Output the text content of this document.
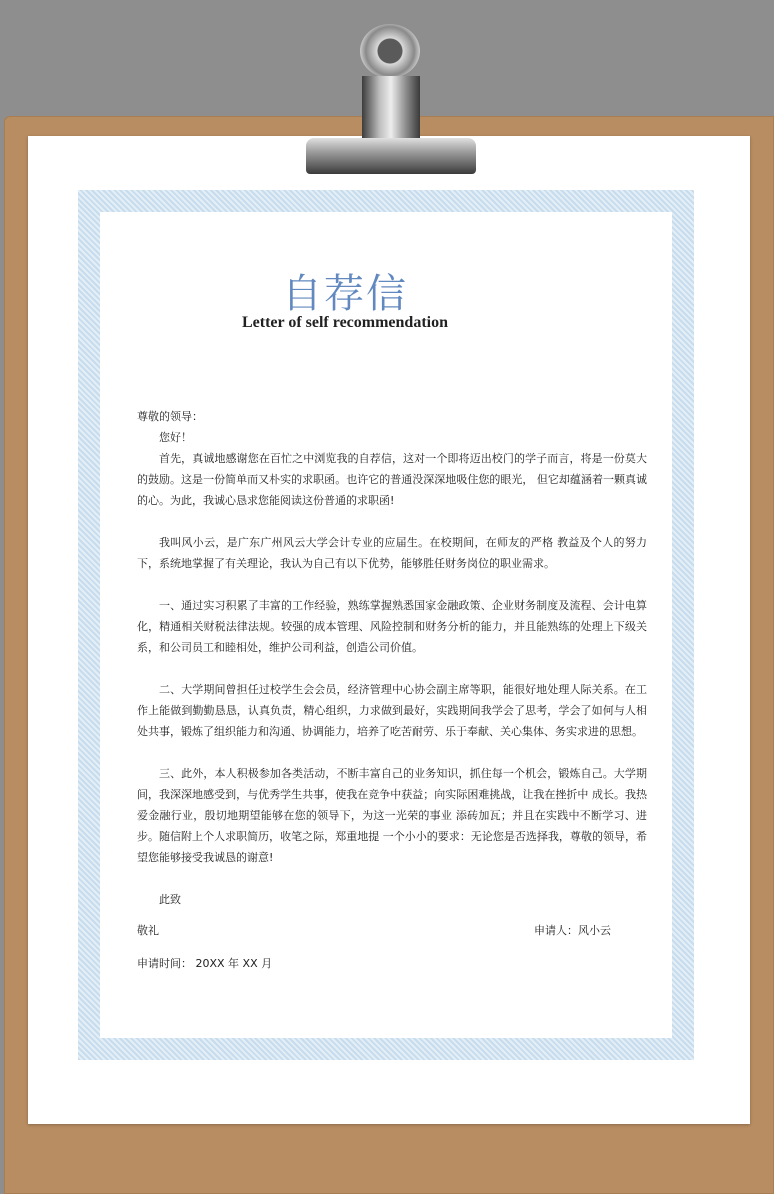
自荐信
Letter of self recommendation

尊敬的领导：

您好！

首先，真诚地感谢您在百忙之中浏览我的自荐信，这对一个即将迈出校门的学子而言，将是一份莫大的鼓励。这是一份简单而又朴实的求职函。也许它的普通没深深地吸住您的眼光， 但它却蕴涵着一颗真诚的心。为此，我诚心恳求您能阅读这份普通的求职函!

我叫风小云，是广东广州风云大学会计专业的应届生。在校期间，在师友的严格 教益及个人的努力下，系统地掌握了有关理论，我认为自己有以下优势，能够胜任财务岗位的职业需求。

一、通过实习积累了丰富的工作经验，熟练掌握熟悉国家金融政策、企业财务制度及流程、会计电算化，精通相关财税法律法规。较强的成本管理、风险控制和财务分析的能力，并且能熟练的处理上下级关系，和公司员工和睦相处，维护公司利益，创造公司价值。

二、大学期间曾担任过校学生会会员，经济管理中心协会副主席等职，能很好地处理人际关系。在工作上能做到勤勤恳恳，认真负责，精心组织，力求做到最好，实践期间我学会了思考，学会了如何与人相处共事，锻炼了组织能力和沟通、协调能力，培养了吃苦耐劳、乐于奉献、关心集体、务实求进的思想。

三、此外，本人积极参加各类活动，不断丰富自己的业务知识，抓住每一个机会，锻炼自己。大学期间，我深深地感受到，与优秀学生共事，使我在竞争中获益；向实际困难挑战，让我在挫折中 成长。我热爱金融行业，殷切地期望能够在您的领导下，为这一光荣的事业 添砖加瓦；并且在实践中不断学习、进步。随信附上个人求职简历，收笔之际，郑重地提 一个小小的要求：无论您是否选择我，尊敬的领导，希望您能够接受我诚恳的谢意!

此致

敬礼	申请人：风小云

申请时间： 20XX 年 XX 月
